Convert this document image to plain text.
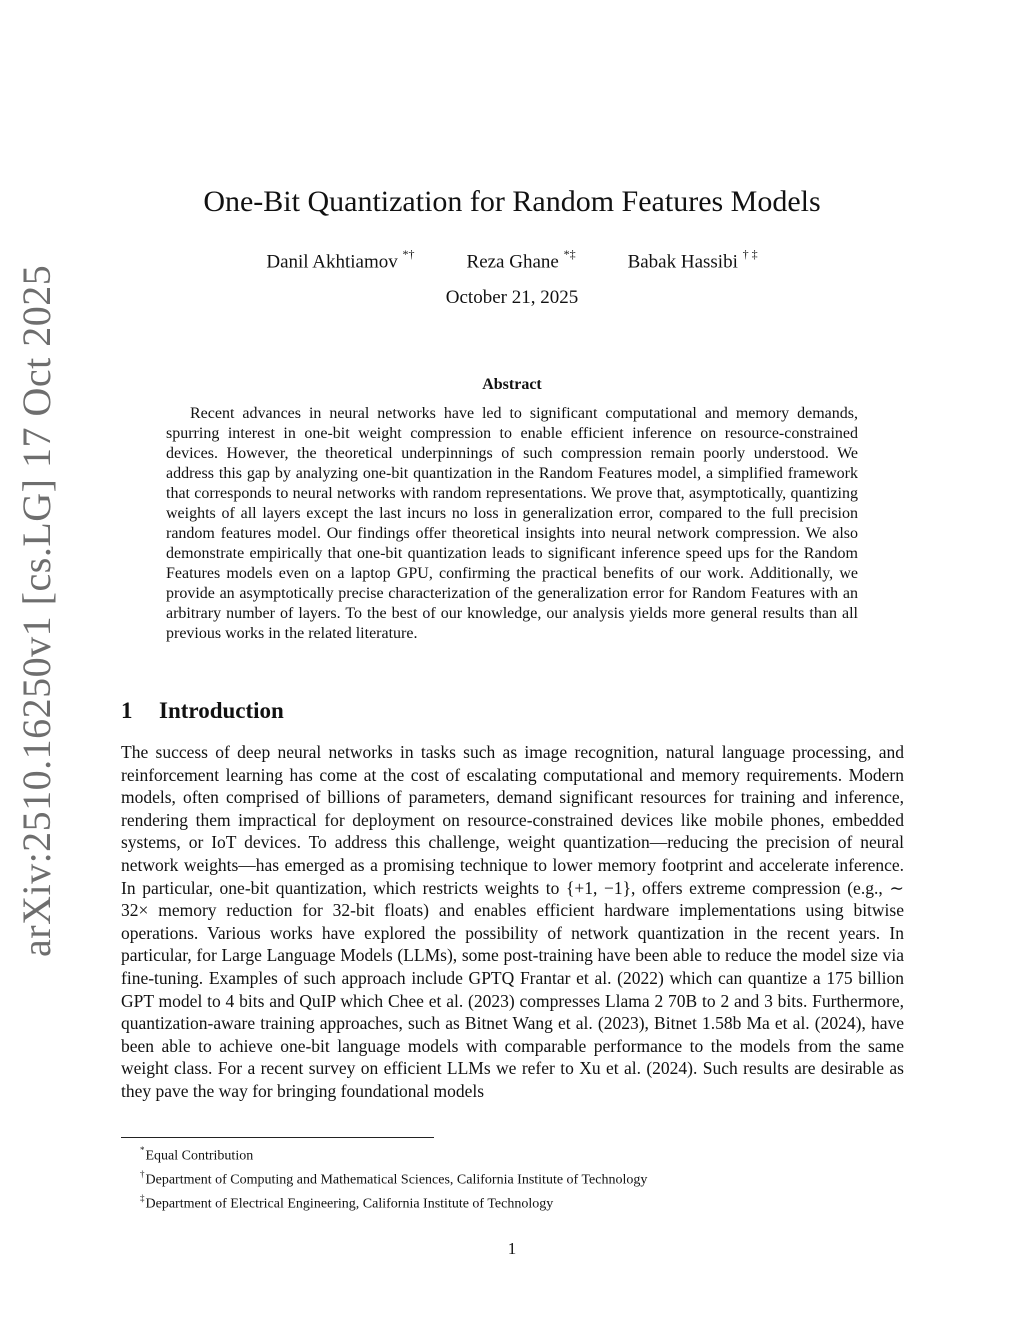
arXiv:2510.16250v1 [cs.LG] 17 Oct 2025
One-Bit Quantization for Random Features Models
Danil Akhtiamov *†	Reza Ghane *‡	Babak Hassibi † ‡
October 21, 2025
Abstract

Recent advances in neural networks have led to significant computational and memory demands, spurring interest in one-bit weight compression to enable efficient inference on resource-constrained devices. However, the theoretical underpinnings of such compression remain poorly understood. We address this gap by analyzing one-bit quantization in the Random Features model, a simplified framework that corresponds to neural networks with random representations. We prove that, asymptotically, quantizing weights of all layers except the last incurs no loss in generalization error, compared to the full precision random features model. Our findings offer theoretical insights into neural network compression. We also demonstrate empirically that one-bit quantization leads to significant inference speed ups for the Random Features models even on a laptop GPU, confirming the practical benefits of our work. Additionally, we provide an asymptotically precise characterization of the generalization error for Random Features with an arbitrary number of layers. To the best of our knowledge, our analysis yields more general results than all previous works in the related literature.

1 Introduction

The success of deep neural networks in tasks such as image recognition, natural language processing, and reinforcement learning has come at the cost of escalating computational and memory requirements. Modern models, often comprised of billions of parameters, demand significant resources for training and inference, rendering them impractical for deployment on resource-constrained devices like mobile phones, embedded systems, or IoT devices. To address this challenge, weight quantization—reducing the precision of neural network weights—has emerged as a promising technique to lower memory footprint and accelerate inference. In particular, one-bit quantization, which restricts weights to {+1, −1}, offers extreme compression (e.g., ∼ 32× memory reduction for 32-bit floats) and enables efficient hardware implementations using bitwise operations. Various works have explored the possibility of network quantization in the recent years. In particular, for Large Language Models (LLMs), some post-training have been able to reduce the model size via fine-tuning. Examples of such approach include GPTQ Frantar et al. (2022) which can quantize a 175 billion GPT model to 4 bits and QuIP which Chee et al. (2023) compresses Llama 2 70B to 2 and 3 bits. Furthermore, quantization-aware training approaches, such as Bitnet Wang et al. (2023), Bitnet 1.58b Ma et al. (2024), have been able to achieve one-bit language models with comparable performance to the models from the same weight class. For a recent survey on efficient LLMs we refer to Xu et al. (2024). Such results are desirable as they pave the way for bringing foundational models

*Equal Contribution
†Department of Computing and Mathematical Sciences, California Institute of Technology
‡Department of Electrical Engineering, California Institute of Technology
1
